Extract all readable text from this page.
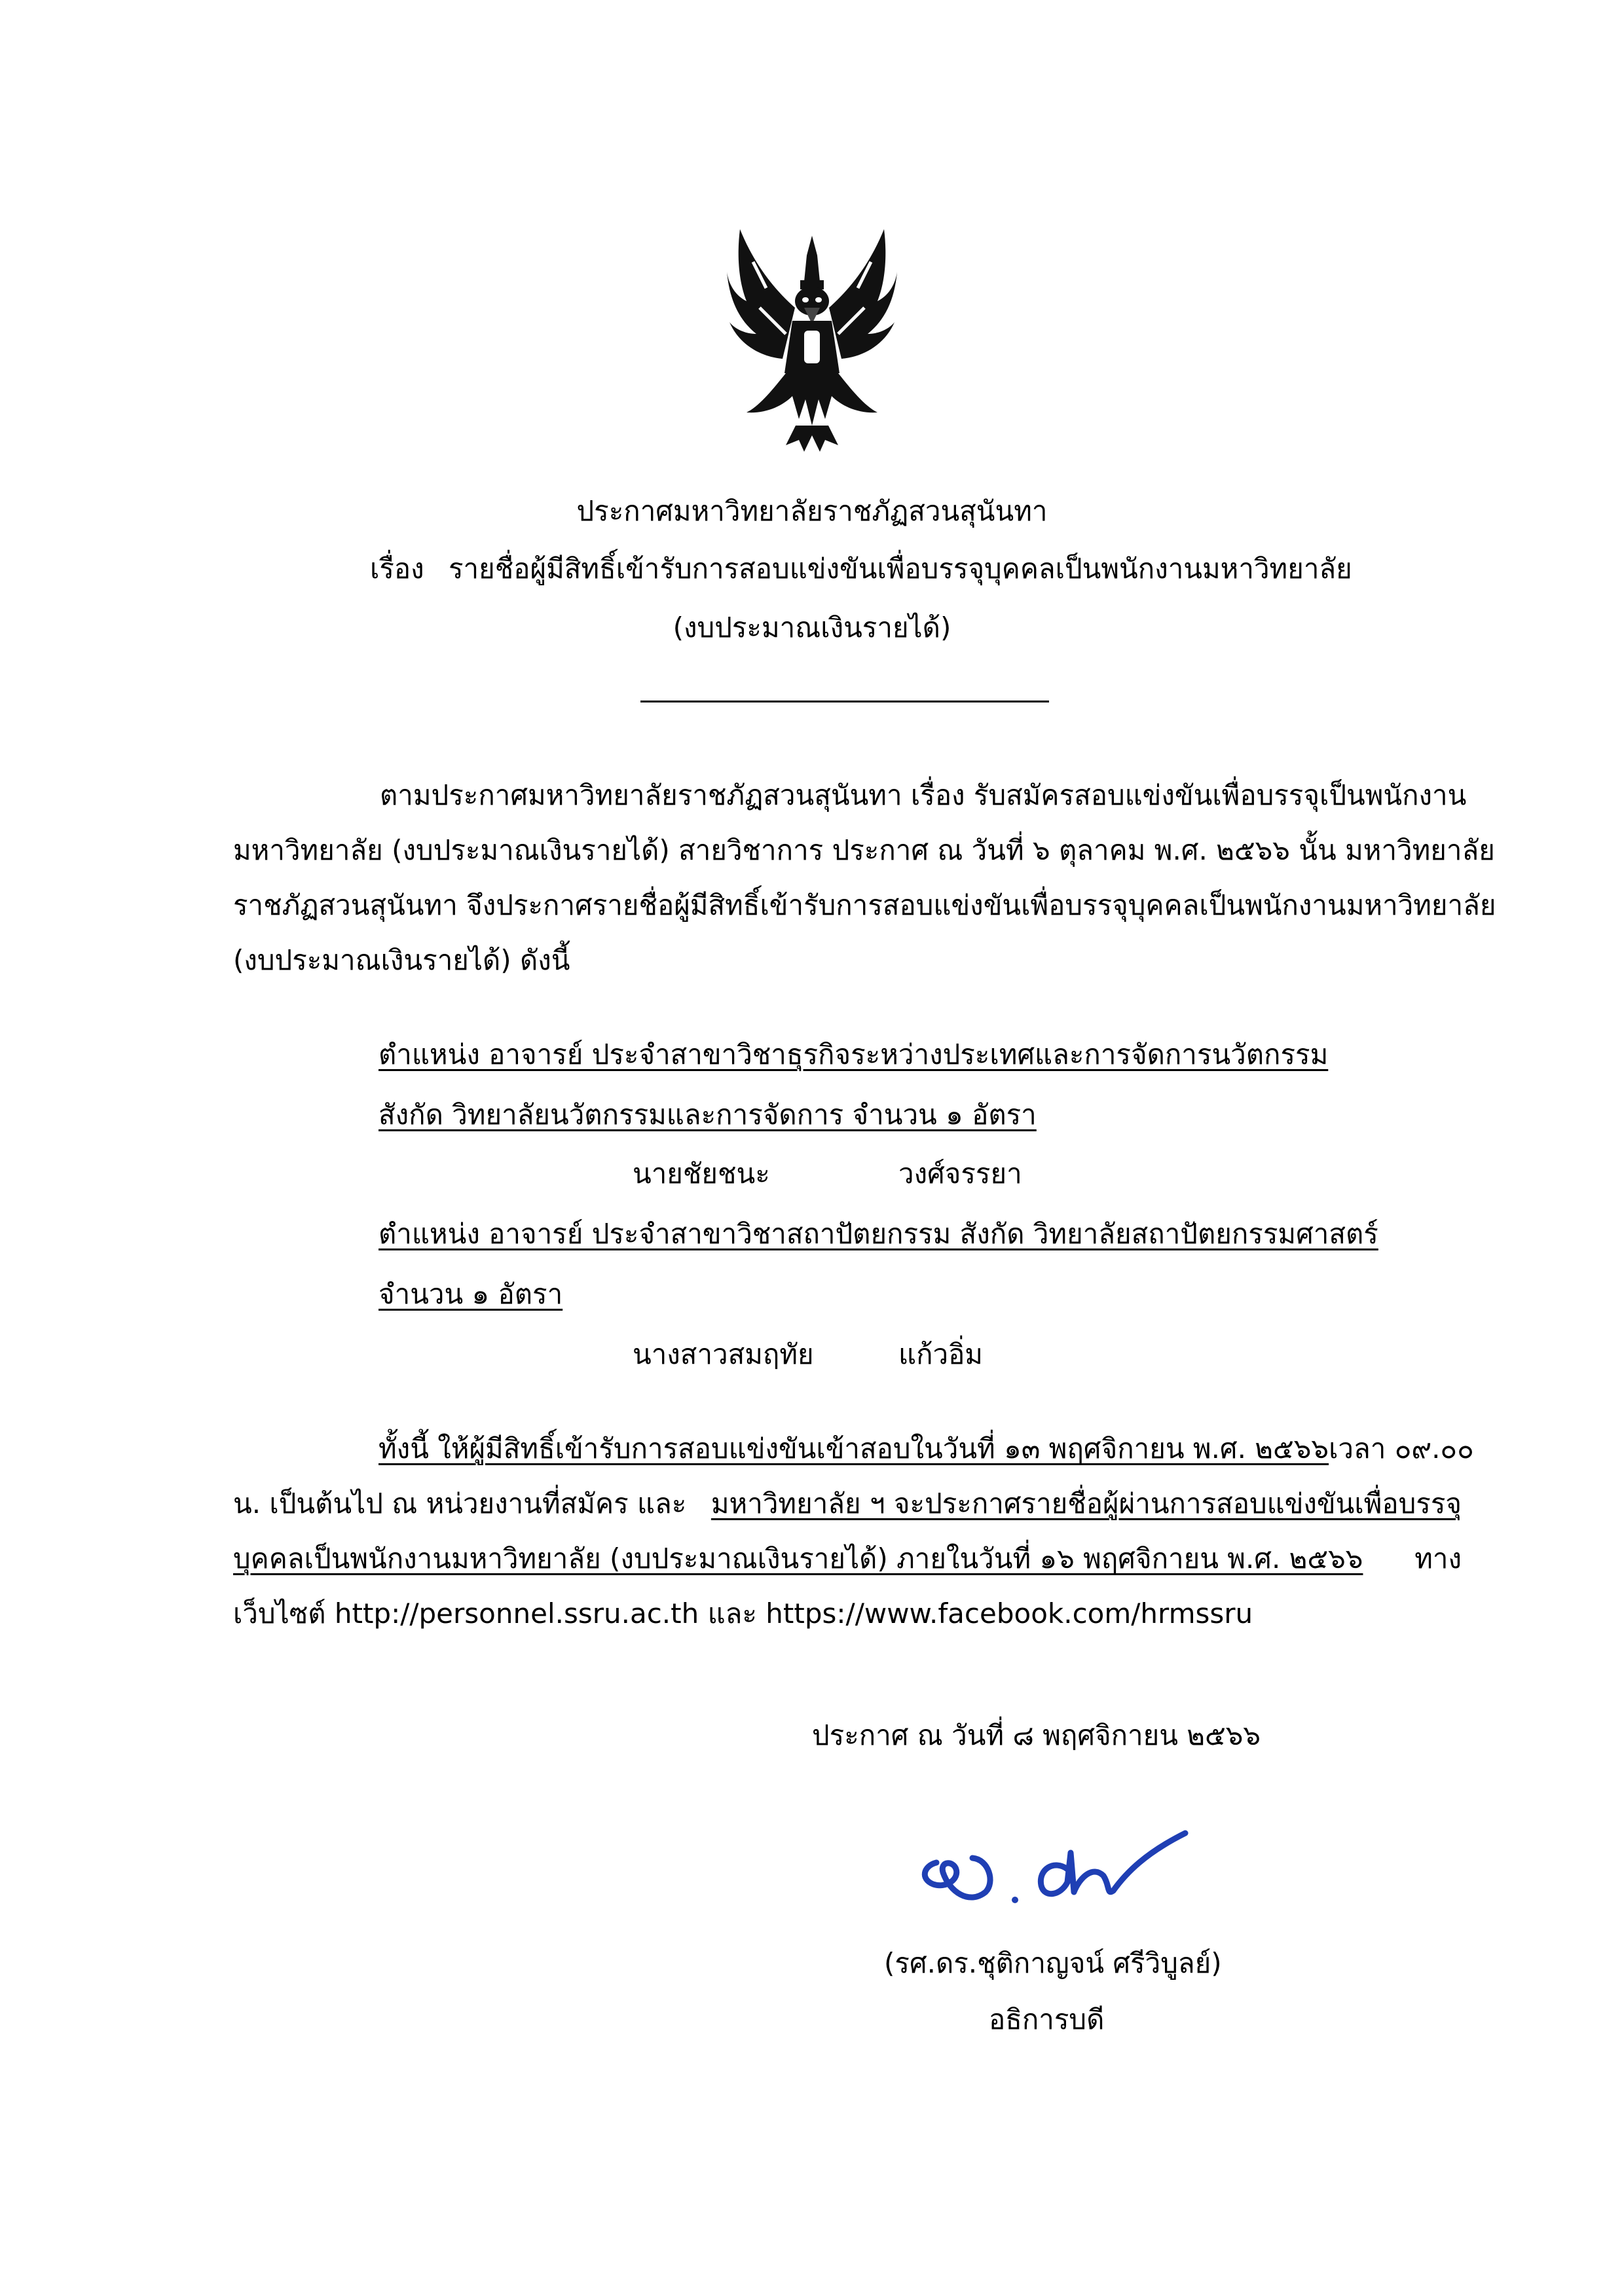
ประกาศมหาวิทยาลัยราชภัฏสวนสุนันทา
เรื่อง รายชื่อผู้มีสิทธิ์เข้ารับการสอบแข่งขันเพื่อบรรจุบุคคลเป็นพนักงานมหาวิทยาลัย
(งบประมาณเงินรายได้)
ตามประกาศมหาวิทยาลัยราชภัฏสวนสุนันทา เรื่อง รับสมัครสอบแข่งขันเพื่อบรรจุเป็นพนักงาน
มหาวิทยาลัย (งบประมาณเงินรายได้) สายวิชาการ ประกาศ ณ วันที่ ๖ ตุลาคม พ.ศ. ๒๕๖๖ นั้น มหาวิทยาลัย
ราชภัฏสวนสุนันทา จึงประกาศรายชื่อผู้มีสิทธิ์เข้ารับการสอบแข่งขันเพื่อบรรจุบุคคลเป็นพนักงานมหาวิทยาลัย
(งบประมาณเงินรายได้) ดังนี้
ตำแหน่ง อาจารย์ ประจำสาขาวิชาธุรกิจระหว่างประเทศและการจัดการนวัตกรรม
สังกัด วิทยาลัยนวัตกรรมและการจัดการ จำนวน ๑ อัตรา
นายชัยชนะ	วงศ์จรรยา
ตำแหน่ง อาจารย์ ประจำสาขาวิชาสถาปัตยกรรม สังกัด วิทยาลัยสถาปัตยกรรมศาสตร์
จำนวน ๑ อัตรา
นางสาวสมฤทัย	แก้วอิ่ม
ทั้งนี้ ให้ผู้มีสิทธิ์เข้ารับการสอบแข่งขันเข้าสอบในวันที่ ๑๓ พฤศจิกายน พ.ศ. ๒๕๖๖ เวลา ๐๙.๐๐
น. เป็นต้นไป ณ หน่วยงานที่สมัคร และ มหาวิทยาลัย ฯ จะประกาศรายชื่อผู้ผ่านการสอบแข่งขันเพื่อบรรจุ
บุคคลเป็นพนักงานมหาวิทยาลัย (งบประมาณเงินรายได้) ภายในวันที่ ๑๖ พฤศจิกายน พ.ศ. ๒๕๖๖ ทาง
เว็บไซต์ http://personnel.ssru.ac.th และ https://www.facebook.com/hrmssru
ประกาศ ณ วันที่ ๘ พฤศจิกายน ๒๕๖๖
(รศ.ดร.ชุติกาญจน์ ศรีวิบูลย์)
อธิการบดี
